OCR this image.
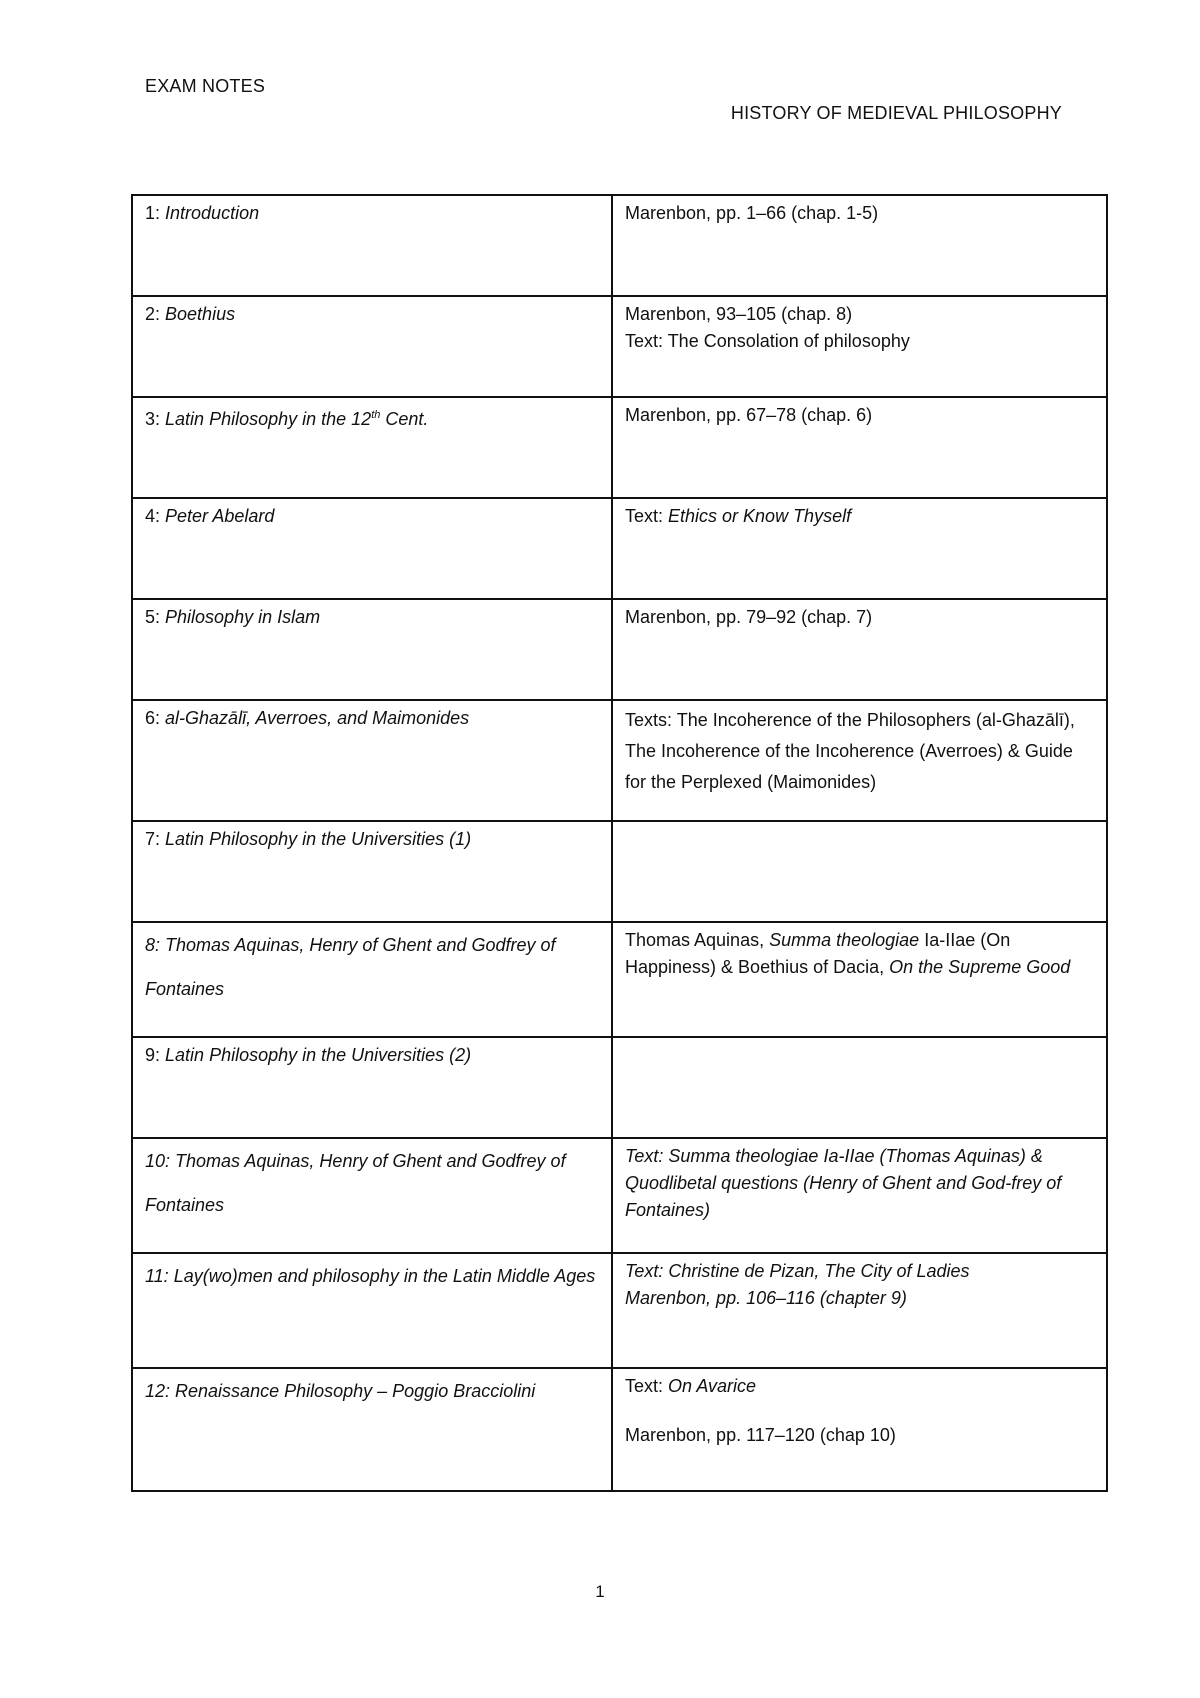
EXAM NOTES
HISTORY OF MEDIEVAL PHILOSOPHY
1: Introduction	Marenbon, pp. 1–66 (chap. 1-5)
2: Boethius	Marenbon, 93–105 (chap. 8)
Text: The Consolation of philosophy

3: Latin Philosophy in the 12th Cent.	Marenbon, pp. 67–78 (chap. 6)
4: Peter Abelard	Text: Ethics or Know Thyself
5: Philosophy in Islam	Marenbon, pp. 79–92 (chap. 7)
6: al-Ghazālī, Averroes, and Maimonides	Texts: The Incoherence of the Philosophers (al-Ghazālī), The Incoherence of the Incoherence (Averroes) & Guide for the Perplexed (Maimonides)
7: Latin Philosophy in the Universities (1)	
8: Thomas Aquinas, Henry of Ghent and Godfrey of Fontaines	Thomas Aquinas, Summa theologiae Ia-IIae (On Happiness) & Boethius of Dacia, On the Supreme Good
9: Latin Philosophy in the Universities (2)	
10: Thomas Aquinas, Henry of Ghent and Godfrey of Fontaines	Text: Summa theologiae Ia-IIae (Thomas Aquinas) & Quodlibetal questions (Henry of Ghent and God-frey of Fontaines)
11: Lay(wo)men and philosophy in the Latin Middle Ages	Text: Christine de Pizan, The City of Ladies
Marenbon, pp. 106–116 (chapter 9)

12: Renaissance Philosophy – Poggio Bracciolini	Text: On Avarice
Marenbon, pp. 117–120 (chap 10)
1
